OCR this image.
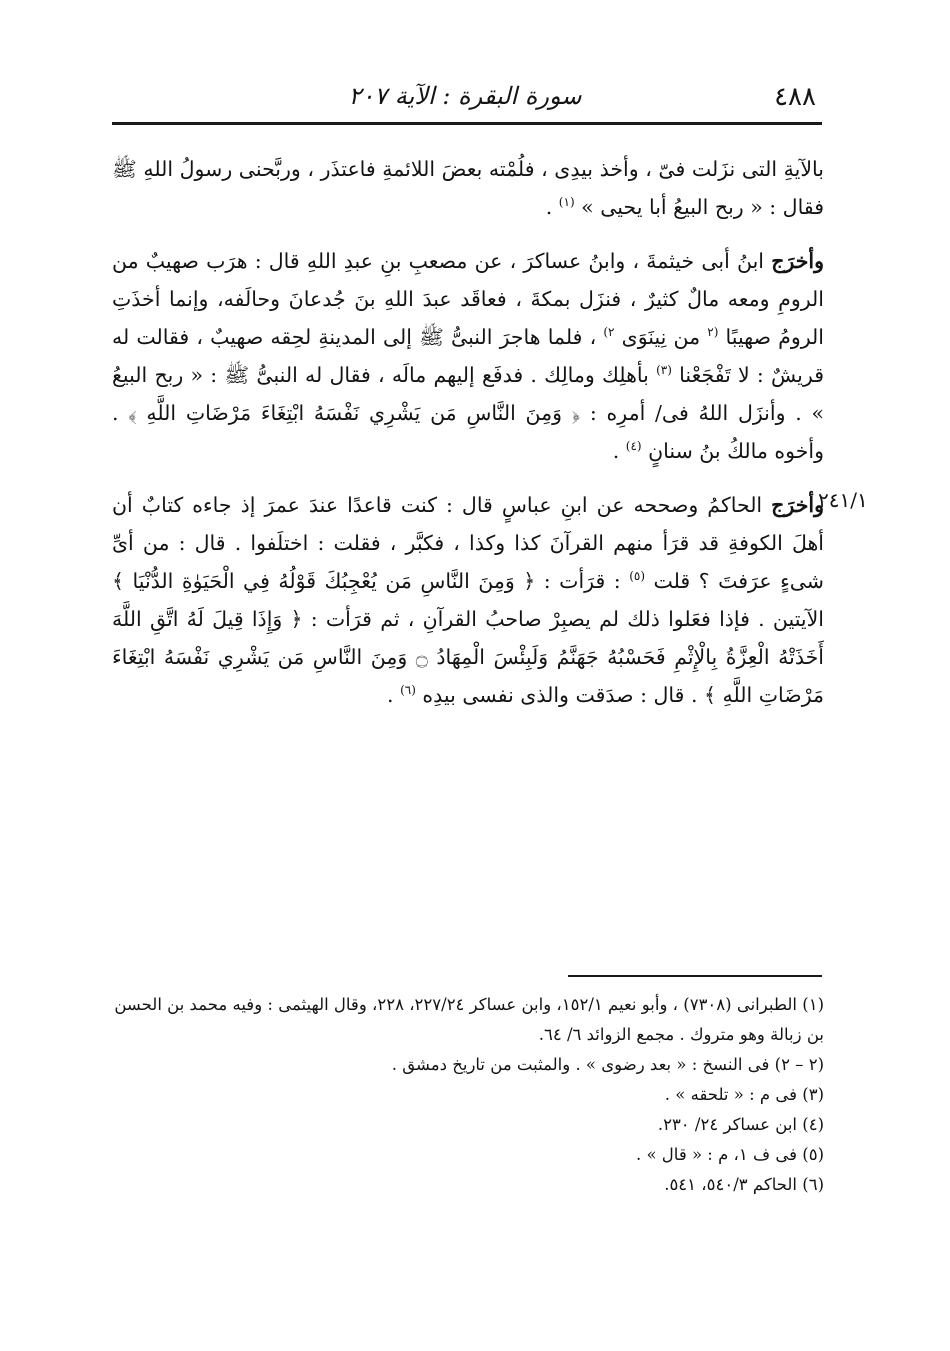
٤٨٨
سورة البقرة : الآية ٢٠٧
٢٤١/١

بالآيةِ التى نزَلت فىّ ، وأخذ بيدِى ، فلُمْته بعضَ اللائمةِ فاعتذَر ، وربَّحنى رسولُ اللهِ ﷺ فقال : « ربح البيعُ أبا يحيى » $^{(١)}$ .

وأخرَج ابنُ أبى خيثمةَ ، وابنُ عساكرَ ، عن مصعبِ بنِ عبدِ اللهِ قال : هرَب صهيبٌ من الرومِ ومعه مالٌ كثيرٌ ، فنزَل بمكةَ ، فعاقَد عبدَ اللهِ بنَ جُدعانَ وحالَفه، وإنما أخذَتِ الرومُ صهيبًا $^{(٢}$ من نِينَوَى $^{٢)}$ ، فلما هاجرَ النبىُّ ﷺ إلى المدينةِ لحِقه صهيبٌ ، فقالت له قريشٌ : لا تَفْجَعْنا $^{(٣)}$ بأهلِك ومالِك . فدفَع إليهم مالَه ، فقال له النبىُّ ﷺ : « ربح البيعُ » . وأنزَل اللهُ فى/ أمرِه : ﴿ وَمِنَ النَّاسِ مَن يَشْرِي نَفْسَهُ ابْتِغَاءَ مَرْضَاتِ اللَّهِ ﴾ . وأخوه مالكُ بنُ سنانٍ $^{(٤)}$ .

وأخرَج الحاكمُ وصححه عن ابنِ عباسٍ قال : كنت قاعدًا عندَ عمرَ إذ جاءه كتابٌ أن أهلَ الكوفةِ قد قرَأ منهم القرآنَ كذا وكذا ، فكبَّر ، فقلت : اختلَفوا . قال : من أىِّ شىءٍ عرَفتَ ؟ قلت $^{(٥)}$ : قرَأت : ﴿ وَمِنَ النَّاسِ مَن يُعْجِبُكَ قَوْلُهُ فِي الْحَيَوٰةِ الدُّنْيَا ﴾ الآيتين . فإذا فعَلوا ذلك لم يصبِرْ صاحبُ القرآنِ ، ثم قرَأت : ﴿ وَإِذَا قِيلَ لَهُ اتَّقِ اللَّهَ أَخَذَتْهُ الْعِزَّةُ بِالْإِثْمِ فَحَسْبُهُ جَهَنَّمُ وَلَبِئْسَ الْمِهَادُ ۝ وَمِنَ النَّاسِ مَن يَشْرِي نَفْسَهُ ابْتِغَاءَ مَرْضَاتِ اللَّهِ ﴾ . قال : صدَقت والذى نفسى بيدِه $^{(٦)}$ .

(١) الطبرانى (٧٣٠٨) ، وأبو نعيم ١٥٢/١، وابن عساكر ٢٢٧/٢٤، ٢٢٨، وقال الهيثمى : وفيه محمد بن الحسن بن زبالة وهو متروك . مجمع الزوائد ٦/ ٦٤.

(٢ – ٢) فى النسخ : « بعد رضوى » . والمثبت من تاريخ دمشق .

(٣) فى م : « تلحقه » .

(٤) ابن عساكر ٢٤/ ٢٣٠.

(٥) فى ف ١، م : « قال » .

(٦) الحاكم ٥٤٠/٣، ٥٤١.
